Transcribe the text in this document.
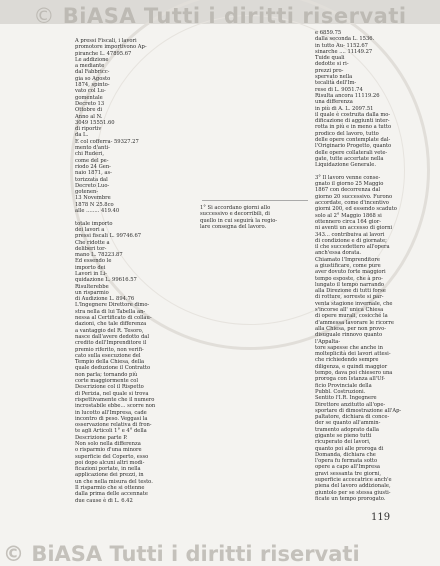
© BiASA Tutti i diritti riservati

A pressi Fiscali, i lavori

promotore importivono Ap-

piranche L. 47895.67

Le addizione

a mediante

dal Fabbricc-

gia so Agosto

1874, spinto-

vato col Lu-

gomentale

Decreto 13

Ottobre di

Anno al N.

3049 15551.60

di riportiv

da L.

E col cofferra- 59327.27

mento d'anti-

chi Ruderi,

come del pe-

riodo 24 Gen-

naio 1871, as-

torizzata dal

Decreto Luo-

gotenen-

13 Novembre

1878 N 25.8co

alle ........ 419.40

totale importo

dei lavori a

pressi fiscali L. 99746.67

Che ridotte a

deliberi tor-

mano L. 78223.87

Ed essendo le

importo dei

Lavori in Li-

quidazione L. 99616.57

Risulterebbe

un risparmio

di Audizione L. 894.76

L'Ingegnere Direttore dimo-

stra nella di lui Tabella an-

nessa al Certificato di collau-

dazioni, che tale differenza

a vantaggio del R. Tesoro,

nasce dall'avere dedotto dal

credito dell'Imprenditore il

premio riferito, non verifi-

cato sulla esecuzione del

Tempio della Chiesa, della

quale deduzione il Contratto

non parla; tornando più

corte maggiormente col

Descrizione col il Rispetto

di Perizia, nel quale si trova

rispettivamente che il numero

incrostabile ebbe... scorre non

in lucotto all'Impresa, cade

incontro di peso. Veggasi la

osservazione relativa di fron-

te agli Articoli 1° e 4° della

Descrizione parte P.

Non solo nella differenza

o risparmio d'una minore

superficie del Coperto, esso

poi dopo alcuni altri modi-

ficazioni portate, in nella

applicazione dei prezzi, in

un che nella misura del testo.

Il risparmio che si ottenne

dalla prima delle accennate

due cause è di L. 6.42

1° Si accordano giorni allo

successivo e decorribili, di

quello in cui seguirà la regio-

lare consegna del lavoro.

e 6859.75

dalla seconda L. 1536.

in tutto Au- 1152.67

sinarche .... 11149.27

Tuide quali

dedotte si ri-

prezzi pro-

spervato nella

tecalità dell'Im-

rese di L. 9051.74

Risulta ancora 11119.26

una differenza

in più di A. L. 2097.51

il quale è costruita dalla mo-

dificazione di aggiunti inter-

rotta in più e in meno a tutto

prodico del lavoro, tutto

delle opere contemplate dal-

l'Originario Progetto, quanto

delle opere collaterali vete-

gate, tutte accertate nella

Liquidazione Generale.

3° Il lavoro venne conse-

gnato il giorno 25 Maggio

1867 con decorrenza dal

giorno 20 successivo. Furono

accordate, come d'incentivo

giorni 200, ed essendo scaduto

solo al 2° Maggio 1868 si

ottennero circa 164 gior-

ni aventi un accesso di giorni

343... contribuiva ai lavori

di condizione e di giornate;

il che succedettero all'opera

anch'essa dorata.

Chiamato l'Imprenditore

a giustificare, come pure

aver dovuto forte maggiori

tempo esposte, che à pro-

lungato il tempo narrando

alla Direzione di tutti forse

di rotture, sorreste si par-

venta stagione invernale, che

s'incorse all' unica Chiesa

di opere murali, cosicché la

d'ammessa lavorare le ricorre

alla Chiesa, per non provo-

disuguale rinnovo quanto

l'Appalta-

tore sapesse che anche in

molteplicità dei lavori attesi-

che richiedendo sempre

diligenza, e quindi maggior

tempo, dava poi chiesero una

proroga con Istanza all'Uf-

ficio Provinciale della

Pubbl. Costruzioni.

Sentito l'I.R. Ingegnere

Direttore anzitutto all'ope-

sportare di dimostrazione all'Ap-

paltatore, dichiara di conce-

der se quanto all'ammin-

tramento adoprato dalla

gigante se pieno tutti

ricuperato dei lavori,

quanto poi alle proroga di

Domanda, dichiara che

l'opera fu fermata sotto

opere a capo all'Impresa

gravi sessanta tre giorni,

superficie accecatrice anch'e

piena del lavoro addizionale,

giuntolo per se stessa giusti-

ficate un tempo prorogato.

119
© BiASA Tutti i diritti riservati
